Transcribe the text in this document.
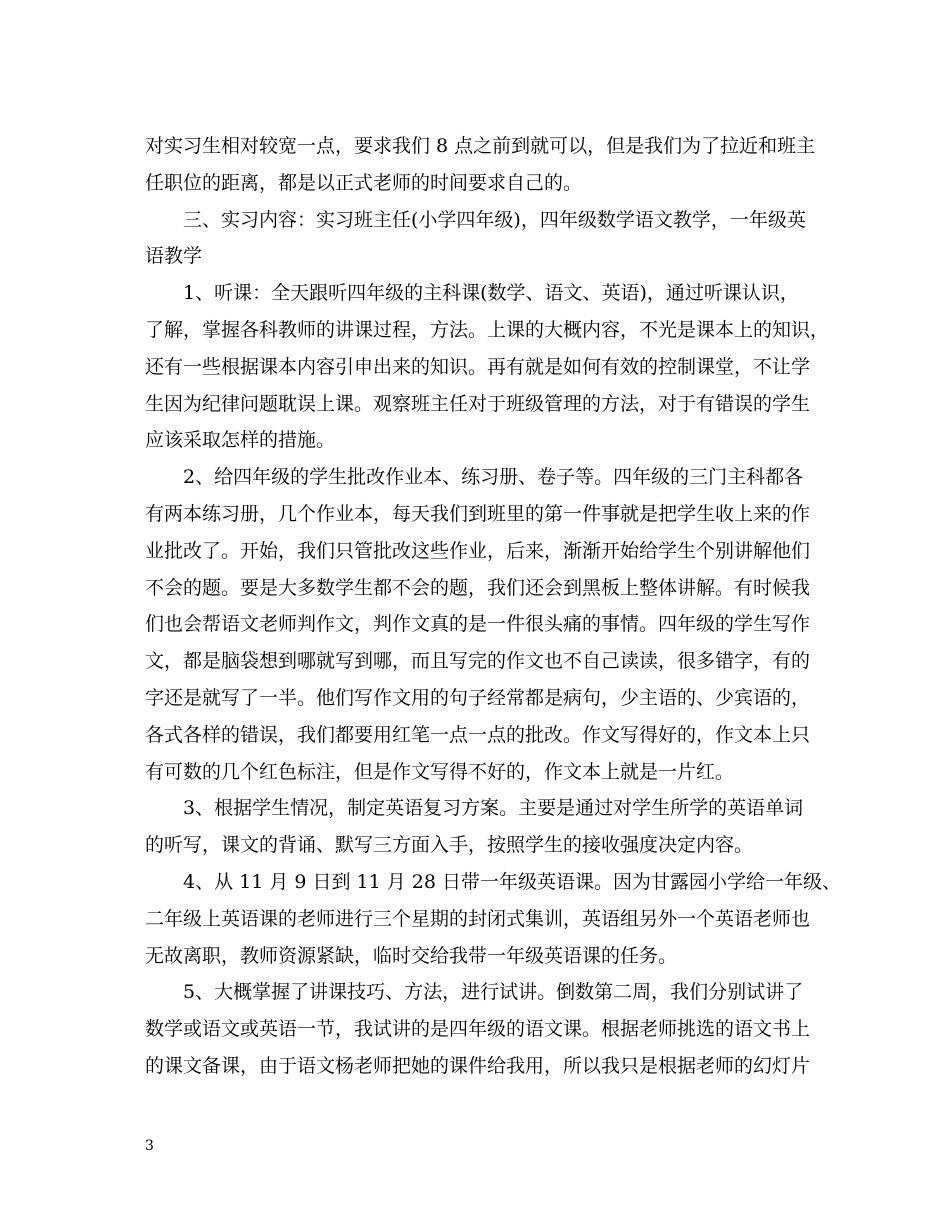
对实习生相对较宽一点，要求我们 8 点之前到就可以，但是我们为了拉近和班主
任职位的距离，都是以正式老师的时间要求自己的。
三、实习内容：实习班主任(小学四年级)，四年级数学语文教学，一年级英
语教学
1、听课：全天跟听四年级的主科课(数学、语文、英语)，通过听课认识，
了解，掌握各科教师的讲课过程，方法。上课的大概内容，不光是课本上的知识，
还有一些根据课本内容引申出来的知识。再有就是如何有效的控制课堂，不让学
生因为纪律问题耽误上课。观察班主任对于班级管理的方法，对于有错误的学生
应该采取怎样的措施。
2、给四年级的学生批改作业本、练习册、卷子等。四年级的三门主科都各
有两本练习册，几个作业本，每天我们到班里的第一件事就是把学生收上来的作
业批改了。开始，我们只管批改这些作业，后来，渐渐开始给学生个别讲解他们
不会的题。要是大多数学生都不会的题，我们还会到黑板上整体讲解。有时候我
们也会帮语文老师判作文，判作文真的是一件很头痛的事情。四年级的学生写作
文，都是脑袋想到哪就写到哪，而且写完的作文也不自己读读，很多错字，有的
字还是就写了一半。他们写作文用的句子经常都是病句，少主语的、少宾语的，
各式各样的错误，我们都要用红笔一点一点的批改。作文写得好的，作文本上只
有可数的几个红色标注，但是作文写得不好的，作文本上就是一片红。
3、根据学生情况，制定英语复习方案。主要是通过对学生所学的英语单词
的听写，课文的背诵、默写三方面入手，按照学生的接收强度决定内容。
4、从 11 月 9 日到 11 月 28 日带一年级英语课。因为甘露园小学给一年级、
二年级上英语课的老师进行三个星期的封闭式集训，英语组另外一个英语老师也
无故离职，教师资源紧缺，临时交给我带一年级英语课的任务。
5、大概掌握了讲课技巧、方法，进行试讲。倒数第二周，我们分别试讲了
数学或语文或英语一节，我试讲的是四年级的语文课。根据老师挑选的语文书上
的课文备课，由于语文杨老师把她的课件给我用，所以我只是根据老师的幻灯片
3
